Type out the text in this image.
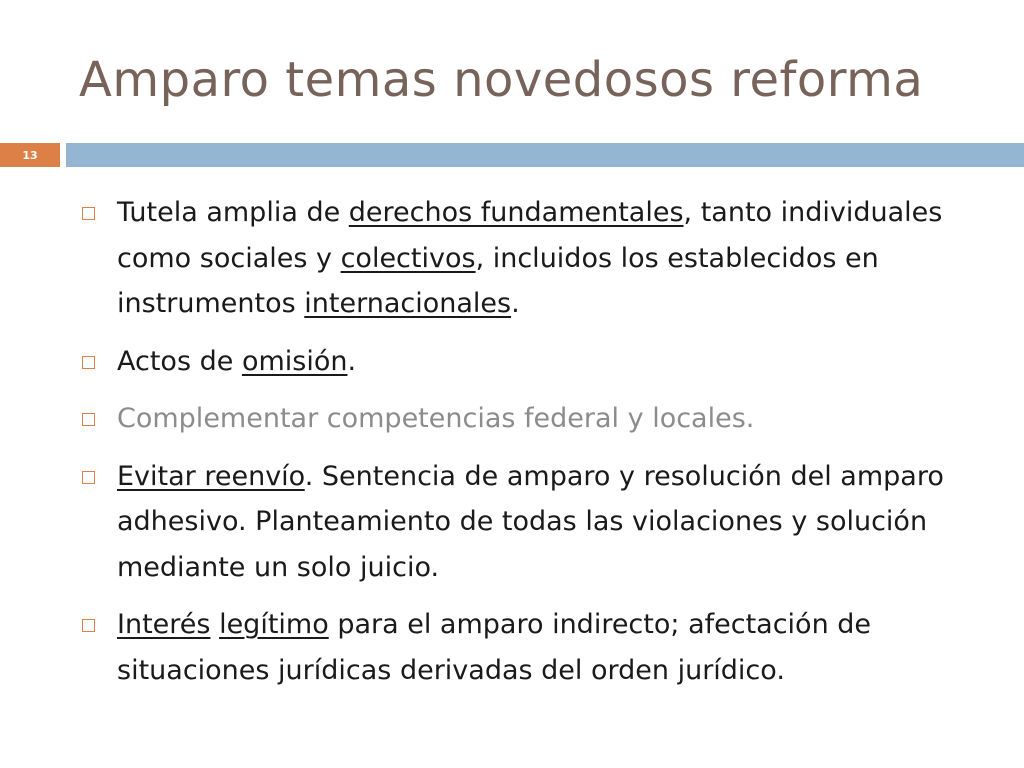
Amparo temas novedosos reforma
13
Tutela amplia de derechos fundamentales, tanto individuales como sociales y colectivos, incluidos los establecidos en instrumentos internacionales.
Actos de omisión.
Complementar competencias federal y locales.
Evitar reenvío. Sentencia de amparo y resolución del amparo adhesivo. Planteamiento de todas las violaciones y solución mediante un solo juicio.
Interés legítimo para el amparo indirecto; afectación de situaciones jurídicas derivadas del orden jurídico.
